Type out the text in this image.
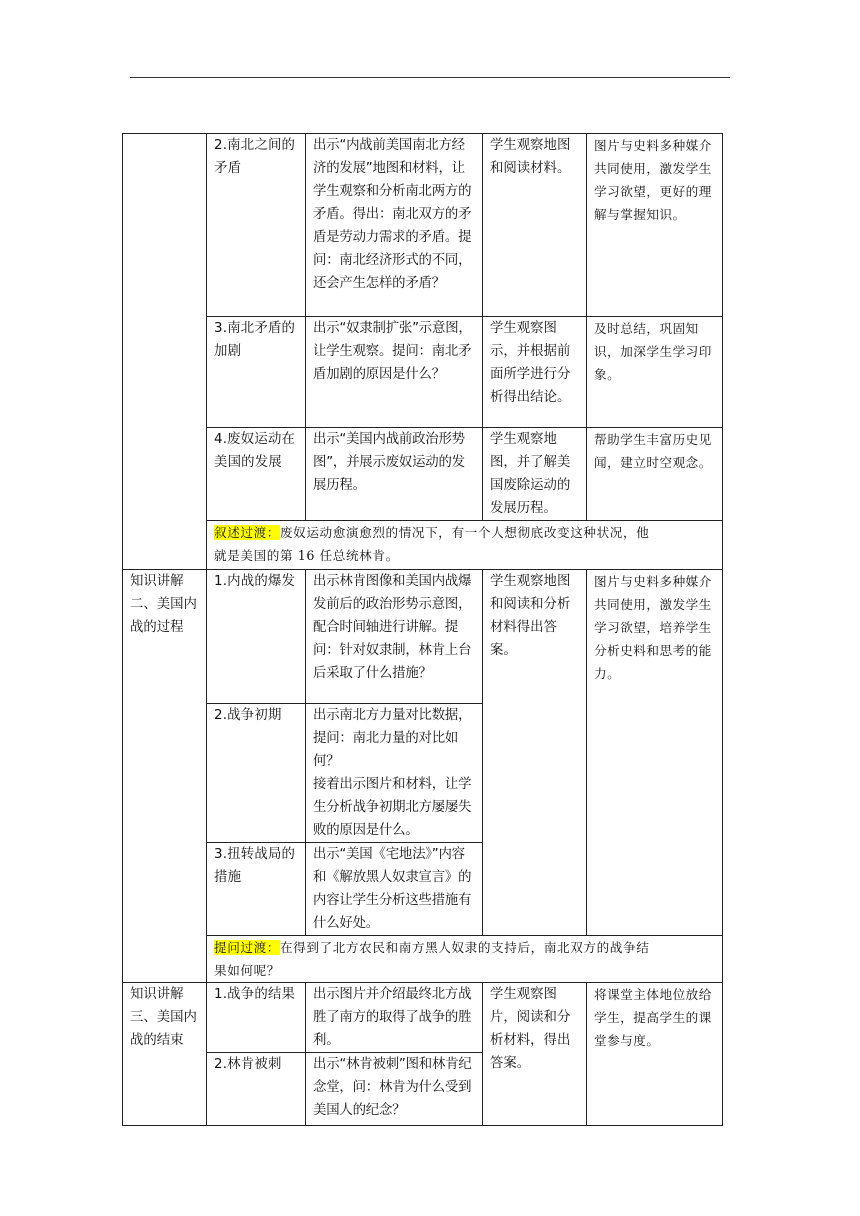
	2.南北之间的矛盾	出示“内战前美国南北方经济的发展”地图和材料，让学生观察和分析南北两方的矛盾。得出：南北双方的矛盾是劳动力需求的矛盾。提问：南北经济形式的不同，还会产生怎样的矛盾？	学生观察地图和阅读材料。	图片与史料多种媒介共同使用，激发学生学习欲望，更好的理解与掌握知识。
	3.南北矛盾的加剧	出示“奴隶制扩张”示意图，让学生观察。提问：南北矛盾加剧的原因是什么？	学生观察图示，并根据前面所学进行分析得出结论。	及时总结，巩固知识，加深学生学习印象。
	4.废奴运动在美国的发展	出示“美国内战前政治形势图”，并展示废奴运动的发展历程。	学生观察地图，并了解美国废除运动的发展历程。	帮助学生丰富历史见闻，建立时空观念。

	叙述过渡：废奴运动愈演愈烈的情况下，有一个人想彻底改变这种状况，他
就是美国的第 16 任总统林肯。			

知识讲解二、美国内战的过程	1.内战的爆发	出示林肯图像和美国内战爆发前后的政治形势示意图，配合时间轴进行讲解。提问：针对奴隶制，林肯上台后采取了什么措施？	学生观察地图和阅读和分析材料得出答案。	图片与史料多种媒介共同使用，激发学生学习欲望，培养学生分析史料和思考的能力。
	2.战争初期	出示南北方力量对比数据，提问：南北力量的对比如何？
接着出示图片和材料，让学生分析战争初期北方屡屡失败的原因是什么。		

	3.扭转战局的措施	出示“美国《宅地法》”内容和《解放黑人奴隶宣言》的内容让学生分析这些措施有什么好处。		

	提问过渡：在得到了北方农民和南方黑人奴隶的支持后，南北双方的战争结
果如何呢？			

知识讲解三、美国内战的结束	1.战争的结果	出示图片并介绍最终北方战胜了南方的取得了战争的胜利。	学生观察图片，阅读和分析材料，得出答案。	将课堂主体地位放给学生，提高学生的课堂参与度。
	2.林肯被刺	出示“林肯被刺”图和林肯纪念堂，问：林肯为什么受到美国人的纪念？		
